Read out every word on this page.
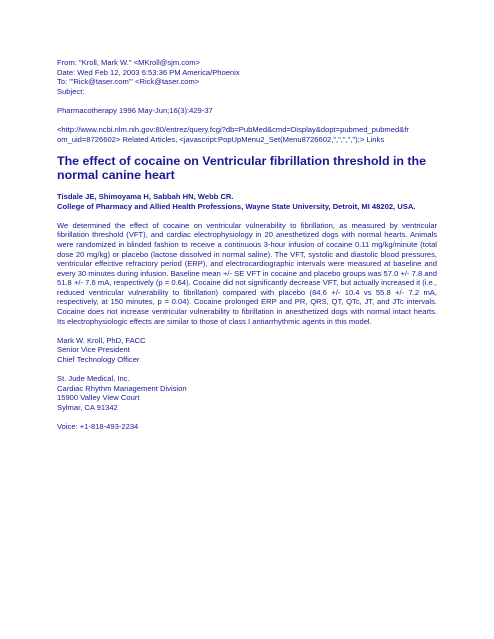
From: "Kroll, Mark W." <MKroll@sjm.com>
Date: Wed Feb 12, 2003 6:53:36 PM America/Phoenix
To: "'Rick@taser.com'" <Rick@taser.com>
Subject:
Pharmacotherapy 1996 May-Jun;16(3):429-37
<http://www.ncbi.nlm.nih.gov:80/entrez/query.fcgi?db=PubMed&cmd=Display&dopt=pubmed_pubmed&fr
om_uid=8726602> Related Articles, <javascript:PopUpMenu2_Set(Menu8726602,",",",",");> Links
The effect of cocaine on Ventricular fibrillation threshold in the normal canine heart
Tisdale JE, Shimoyama H, Sabbah HN, Webb CR.
College of Pharmacy and Allied Health Professions, Wayne State University, Detroit, MI 48202, USA.
We determined the effect of cocaine on ventricular vulnerability to fibrillation, as measured by ventricular fibrillation threshold (VFT), and cardiac electrophysiology in 20 anesthetized dogs with normal hearts. Animals were randomized in blinded fashion to receive a continuous 3-hour infusion of cocaine 0.11 mg/kg/minute (total dose 20 mg/kg) or placebo (lactose dissolved in normal saline). The VFT, systolic and diastolic blood pressures, ventricular effective refractory period (ERP), and electrocardiographic intervals were measured at baseline and every 30 minutes during infusion. Baseline mean +/- SE VFT in cocaine and placebo groups was 57.0 +/- 7.8 and 51.8 +/- 7.6 mA, respectively (p = 0.64). Cocaine did not significantly decrease VFT, but actually increased it (i.e., reduced ventricular vulnerability to fibrillation) compared with placebo (84.6 +/- 10.4 vs 55.8 +/- 7.2 mA, respectively, at 150 minutes, p = 0.04). Cocaine prolonged ERP and PR, QRS, QT, QTc, JT, and JTc intervals. Cocaine does not increase ventricular vulnerability to fibrillation in anesthetized dogs with normal intact hearts. Its electrophysiologic effects are similar to those of class I antiarrhythmic agents in this model.
Mark W. Kroll, PhD, FACC
Senior Vice President
Chief Technology Officer
St. Jude Medical, Inc.
Cardiac Rhythm Management Division
15900 Valley View Court
Sylmar, CA 91342
Voice: +1-818-493-2234
